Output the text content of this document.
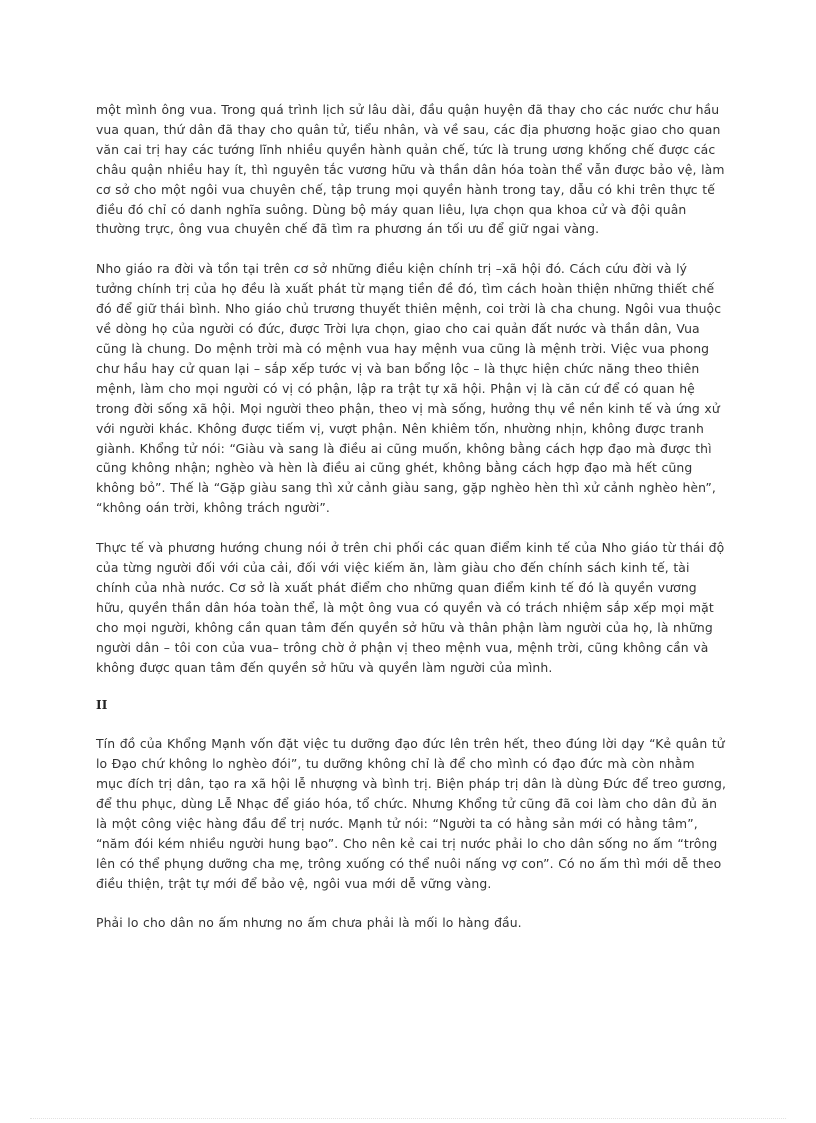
một mình ông vua. Trong quá trình lịch sử lâu dài, đầu quận huyện đã thay cho các nước chư hầu vua quan, thứ dân đã thay cho quân tử, tiểu nhân, và về sau, các địa phương hoặc giao cho quan văn cai trị hay các tướng lĩnh nhiều quyền hành quản chế, tức là trung ương khống chế được các châu quận nhiều hay ít, thì nguyên tắc vương hữu và thần dân hóa toàn thể vẫn được bảo vệ, làm cơ sở cho một ngôi vua chuyên chế, tập trung mọi quyền hành trong tay, dẫu có khi trên thực tế điều đó chỉ có danh nghĩa suông. Dùng bộ máy quan liêu, lựa chọn qua khoa cử và đội quân thường trực, ông vua chuyên chế đã tìm ra phương án tối ưu để giữ ngai vàng.

Nho giáo ra đời và tồn tại trên cơ sở những điều kiện chính trị –xã hội đó. Cách cứu đời và lý tưởng chính trị của họ đều là xuất phát từ mạng tiền đề đó, tìm cách hoàn thiện những thiết chế đó để giữ thái bình. Nho giáo chủ trương thuyết thiên mệnh, coi trời là cha chung. Ngôi vua thuộc về dòng họ của người có đức, được Trời lựa chọn, giao cho cai quản đất nước và thần dân, Vua cũng là chung. Do mệnh trời mà có mệnh vua hay mệnh vua cũng là mệnh trời. Việc vua phong chư hầu hay cử quan lại – sắp xếp tước vị và ban bổng lộc – là thực hiện chức năng theo thiên mệnh, làm cho mọi người có vị có phận, lập ra trật tự xã hội. Phận vị là căn cứ để có quan hệ trong đời sống xã hội. Mọi người theo phận, theo vị mà sống, hưởng thụ về nền kinh tế và ứng xử với người khác. Không được tiếm vị, vượt phận. Nên khiêm tốn, nhường nhịn, không được tranh giành. Khổng tử nói: “Giàu và sang là điều ai cũng muốn, không bằng cách hợp đạo mà được thì cũng không nhận; nghèo và hèn là điều ai cũng ghét, không bằng cách hợp đạo mà hết cũng không bỏ”. Thế là “Gặp giàu sang thì xử cảnh giàu sang, gặp nghèo hèn thì xử cảnh nghèo hèn”, “không oán trời, không trách người”.

Thực tế và phương hướng chung nói ở trên chi phối các quan điểm kinh tế của Nho giáo từ thái độ của từng người đối với của cải, đối với việc kiếm ăn, làm giàu cho đến chính sách kinh tế, tài chính của nhà nước. Cơ sở là xuất phát điểm cho những quan điểm kinh tế đó là quyền vương hữu, quyền thần dân hóa toàn thể, là một ông vua có quyền và có trách nhiệm sắp xếp mọi mặt cho mọi người, không cần quan tâm đến quyền sở hữu và thân phận làm người của họ, là những người dân – tôi con của vua– trông chờ ở phận vị theo mệnh vua, mệnh trời, cũng không cần và không được quan tâm đến quyền sở hữu và quyền làm người của mình.

II

Tín đồ của Khổng Mạnh vốn đặt việc tu dưỡng đạo đức lên trên hết, theo đúng lời dạy “Kẻ quân tử lo Đạo chứ không lo nghèo đói”, tu dưỡng không chỉ là để cho mình có đạo đức mà còn nhằm mục đích trị dân, tạo ra xã hội lễ nhượng và bình trị. Biện pháp trị dân là dùng Đức để treo gương, để thu phục, dùng Lễ Nhạc để giáo hóa, tổ chức. Nhưng Khổng tử cũng đã coi làm cho dân đủ ăn là một công việc hàng đầu để trị nước. Mạnh tử nói: “Người ta có hằng sản mới có hằng tâm”, “năm đói kém nhiều người hung bạo”. Cho nên kẻ cai trị nước phải lo cho dân sống no ấm “trông lên có thể phụng dưỡng cha mẹ, trông xuống có thể nuôi nấng vợ con”. Có no ấm thì mới dễ theo điều thiện, trật tự mới để bảo vệ, ngôi vua mới dễ vững vàng.

Phải lo cho dân no ấm nhưng no ấm chưa phải là mối lo hàng đầu.
